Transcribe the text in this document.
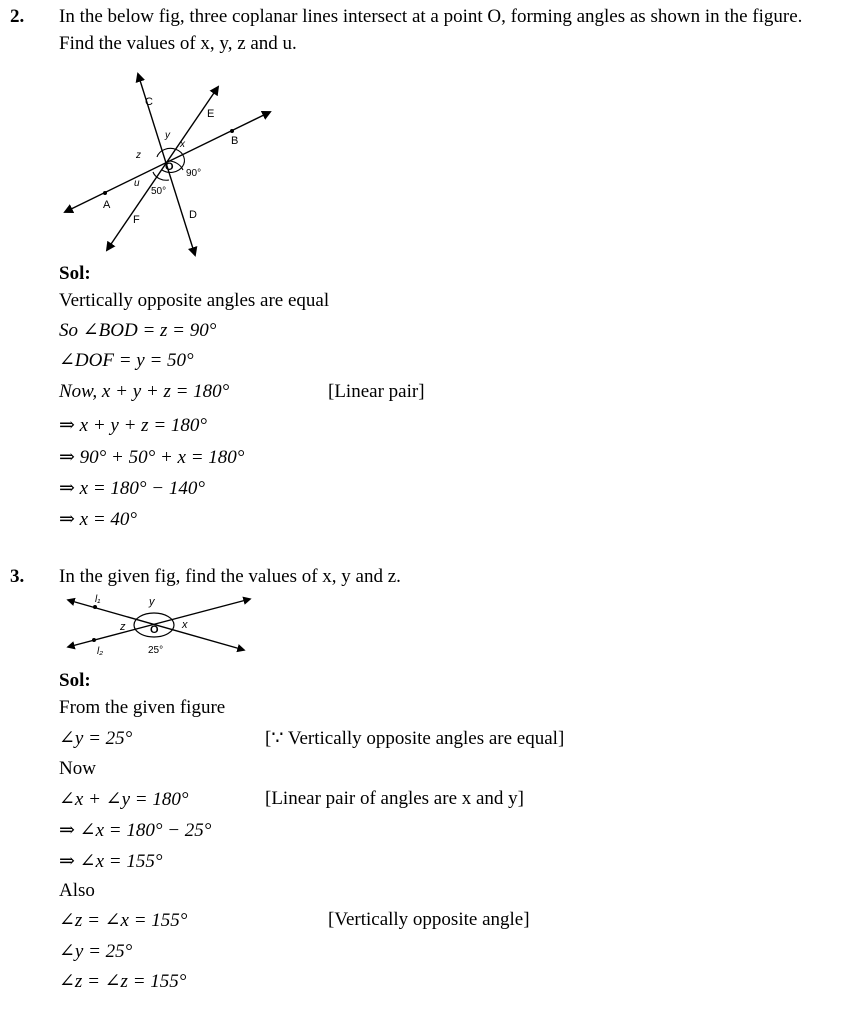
2. In the below fig, three coplanar lines intersect at a point O, forming angles as shown in the figure. Find the values of x, y, z and u.
C
E
B
A
F	D
O
x
y
z
u
90°
50°
Sol:
Vertically opposite angles are equal
So ∠BOD = z = 90°
∠DOF = y = 50°
Now, x + y + z = 180°	[Linear pair]
⇒ x + y + z = 180°
⇒ 90° + 50° + x = 180°
⇒ x = 180° − 140°
⇒ x = 40°
3. In the given fig, find the values of x, y and z.
l₁
l₂
y
z	x
O
25°
Sol:
From the given figure
∠y = 25°	[∵ Vertically opposite angles are equal]
Now
∠x + ∠y = 180°	[Linear pair of angles are x and y]
⇒ ∠x = 180° − 25°
⇒ ∠x = 155°
Also
∠z = ∠x = 155°	[Vertically opposite angle]
∠y = 25°
∠z = ∠z = 155°
